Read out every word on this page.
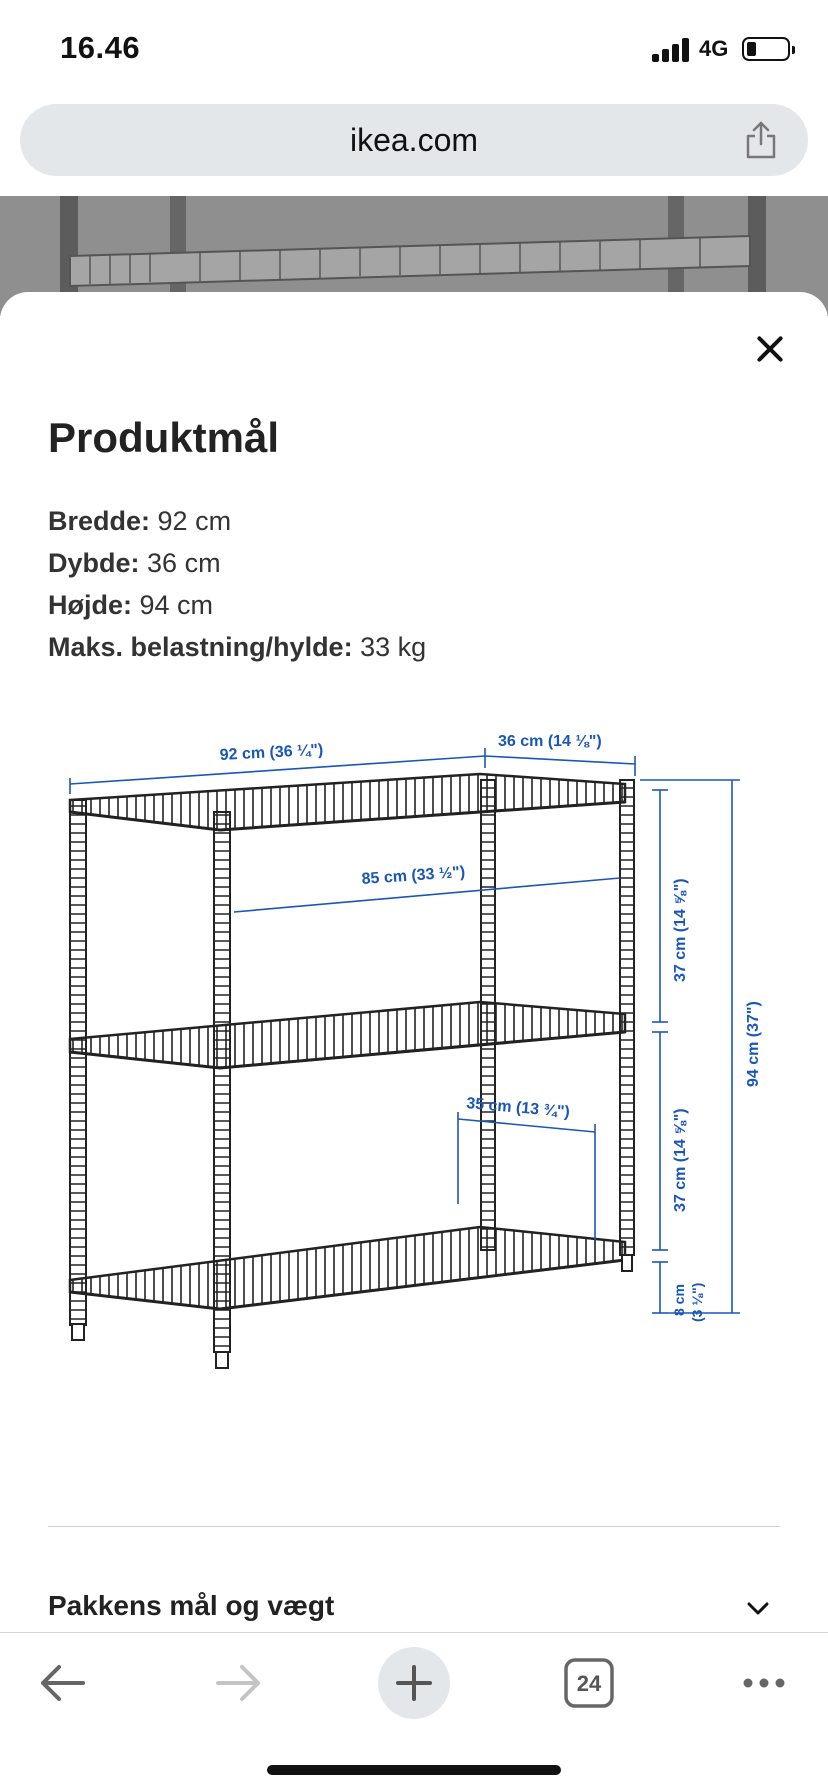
16.46	4G
ikea.com
Produktmål
Bredde: 92 cm
Dybde: 36 cm
Højde: 94 cm
Maks. belastning/hylde: 33 kg
92 cm (36 ¼")
36 cm (14 ⅛")
85 cm (33 ½")
35 cm (13 ¾")
37 cm (14 ⅝")
37 cm (14 ⅝")
94 cm (37")
8 cm (3 ⅛")
Pakkens mål og vægt
24
